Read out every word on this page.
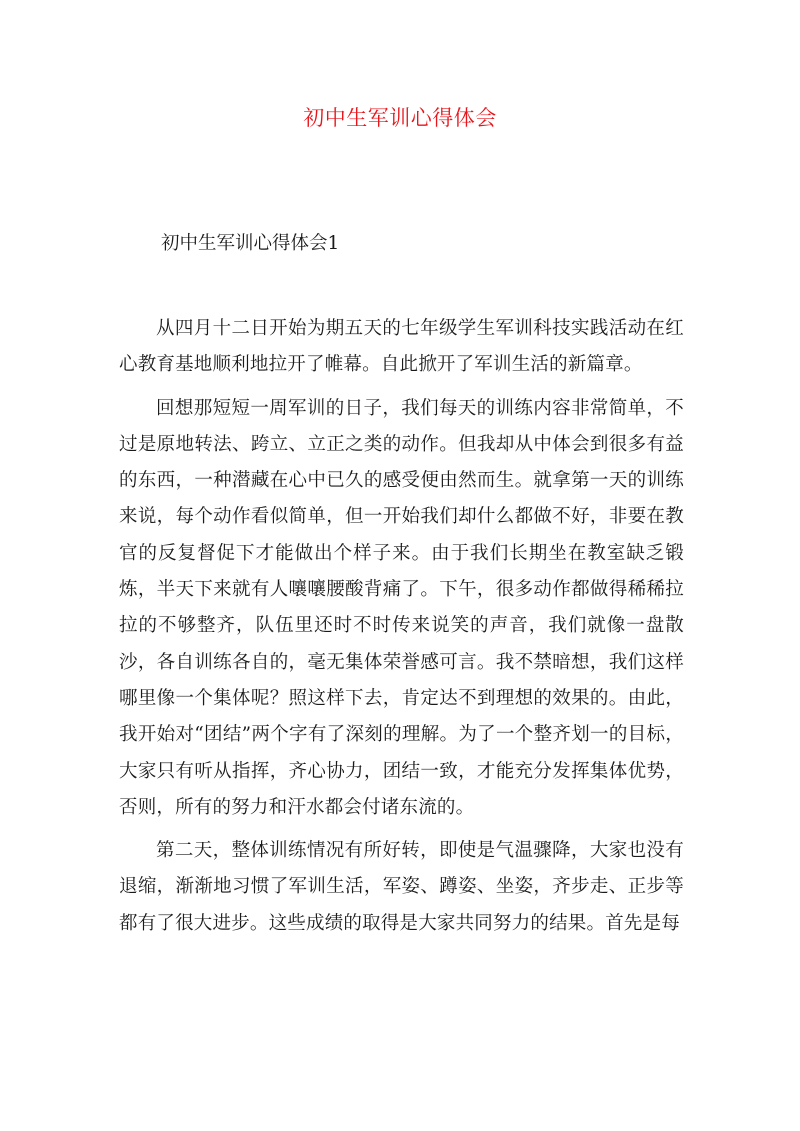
初中生军训心得体会
初中生军训心得体会1

从四月十二日开始为期五天的七年级学生军训科技实践活动在红心教育基地顺利地拉开了帷幕。自此掀开了军训生活的新篇章。

回想那短短一周军训的日子，我们每天的训练内容非常简单，不过是原地转法、跨立、立正之类的动作。但我却从中体会到很多有益的东西，一种潜藏在心中已久的感受便由然而生。就拿第一天的训练来说，每个动作看似简单，但一开始我们却什么都做不好，非要在教官的反复督促下才能做出个样子来。由于我们长期坐在教室缺乏锻炼，半天下来就有人嚷嚷腰酸背痛了。下午，很多动作都做得稀稀拉拉的不够整齐，队伍里还时不时传来说笑的声音，我们就像一盘散沙，各自训练各自的，毫无集体荣誉感可言。我不禁暗想，我们这样哪里像一个集体呢？照这样下去，肯定达不到理想的效果的。由此，我开始对“团结”两个字有了深刻的理解。为了一个整齐划一的目标，大家只有听从指挥，齐心协力，团结一致，才能充分发挥集体优势，否则，所有的努力和汗水都会付诸东流的。

第二天，整体训练情况有所好转，即使是气温骤降，大家也没有退缩，渐渐地习惯了军训生活，军姿、蹲姿、坐姿，齐步走、正步等都有了很大进步。这些成绩的取得是大家共同努力的结果。首先是每
